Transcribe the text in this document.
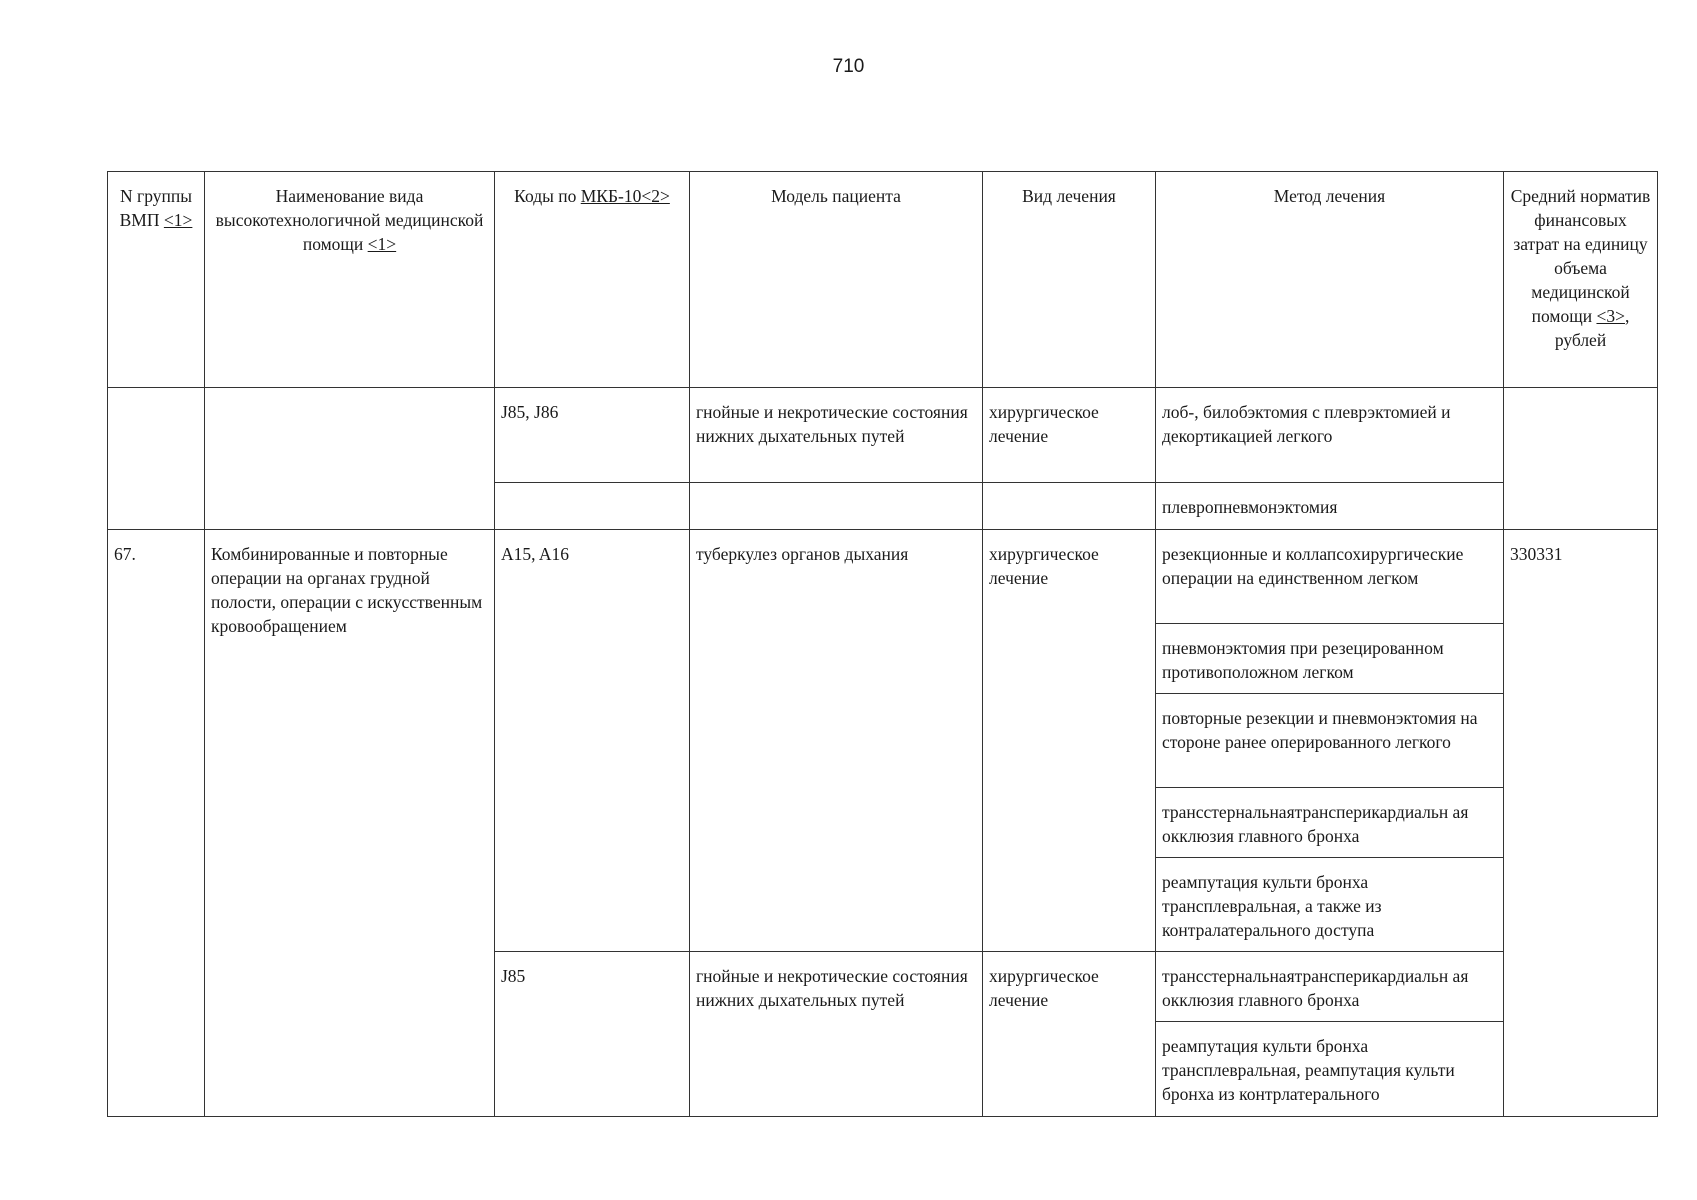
710
N группы ВМП <1>	Наименование вида высокотехнологичной медицинской помощи <1>	Коды по МКБ-10<2>	Модель пациента	Вид лечения	Метод лечения	Средний норматив финансовых затрат на единицу объема медицинской помощи <3>, рублей
		J85, J86	гнойные и некротические состояния нижних дыхательных путей	хирургическое лечение	лоб-, билобэктомия с плеврэктомией и декортикацией легкого	
					плевропневмонэктомия	
67.	Комбинированные и повторные операции на органах грудной полости, операции с искусственным кровообращением	A15, A16	туберкулез органов дыхания	хирургическое лечение	резекционные и коллапсохирургические операции на единственном легком	330331
					пневмонэктомия при резецированном противоположном легком	
					повторные резекции и пневмонэктомия на стороне ранее оперированного легкого	
					трансстернальнаятрансперикардиальн ая окклюзия главного бронха	
					реампутация культи бронха трансплевральная, а также из контралатерального доступа	
		J85	гнойные и некротические состояния нижних дыхательных путей	хирургическое лечение	трансстернальнаятрансперикардиальн ая окклюзия главного бронха	
					реампутация культи бронха трансплевральная, реампутация культи бронха из контрлатерального	
